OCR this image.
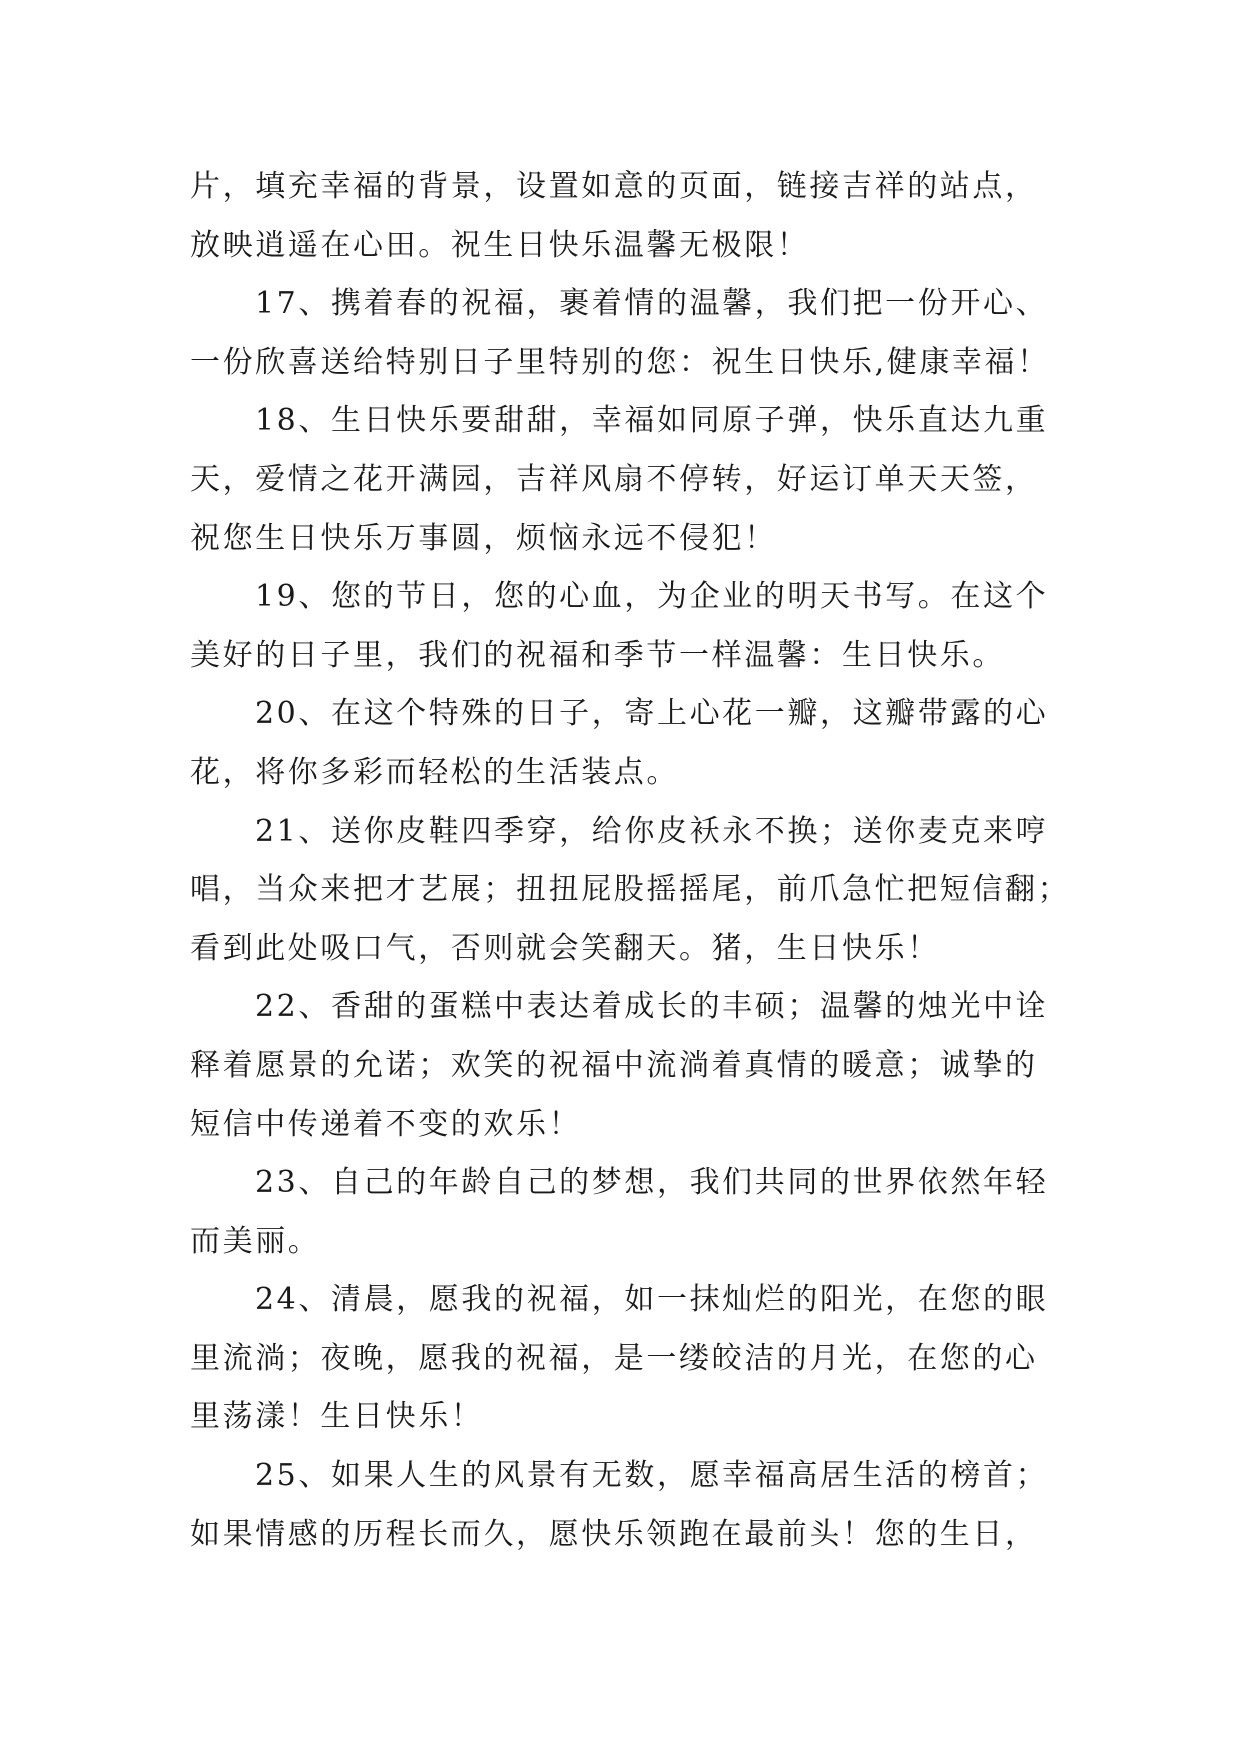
片，填充幸福的背景，设置如意的页面，链接吉祥的站点，
放映逍遥在心田。祝生日快乐温馨无极限！
17、携着春的祝福，裹着情的温馨，我们把一份开心、
一份欣喜送给特别日子里特别的您：祝生日快乐,健康幸福！
18、生日快乐要甜甜，幸福如同原子弹，快乐直达九重
天，爱情之花开满园，吉祥风扇不停转，好运订单天天签，
祝您生日快乐万事圆，烦恼永远不侵犯！
19、您的节日，您的心血，为企业的明天书写。在这个
美好的日子里，我们的祝福和季节一样温馨：生日快乐。
20、在这个特殊的日子，寄上心花一瓣，这瓣带露的心
花，将你多彩而轻松的生活装点。
21、送你皮鞋四季穿，给你皮袄永不换；送你麦克来哼
唱，当众来把才艺展；扭扭屁股摇摇尾，前爪急忙把短信翻；
看到此处吸口气，否则就会笑翻天。猪，生日快乐！
22、香甜的蛋糕中表达着成长的丰硕；温馨的烛光中诠
释着愿景的允诺；欢笑的祝福中流淌着真情的暖意；诚挚的
短信中传递着不变的欢乐！
23、自己的年龄自己的梦想，我们共同的世界依然年轻
而美丽。
24、清晨，愿我的祝福，如一抹灿烂的阳光，在您的眼
里流淌；夜晚，愿我的祝福，是一缕皎洁的月光，在您的心
里荡漾！生日快乐！
25、如果人生的风景有无数，愿幸福高居生活的榜首；
如果情感的历程长而久，愿快乐领跑在最前头！您的生日，
